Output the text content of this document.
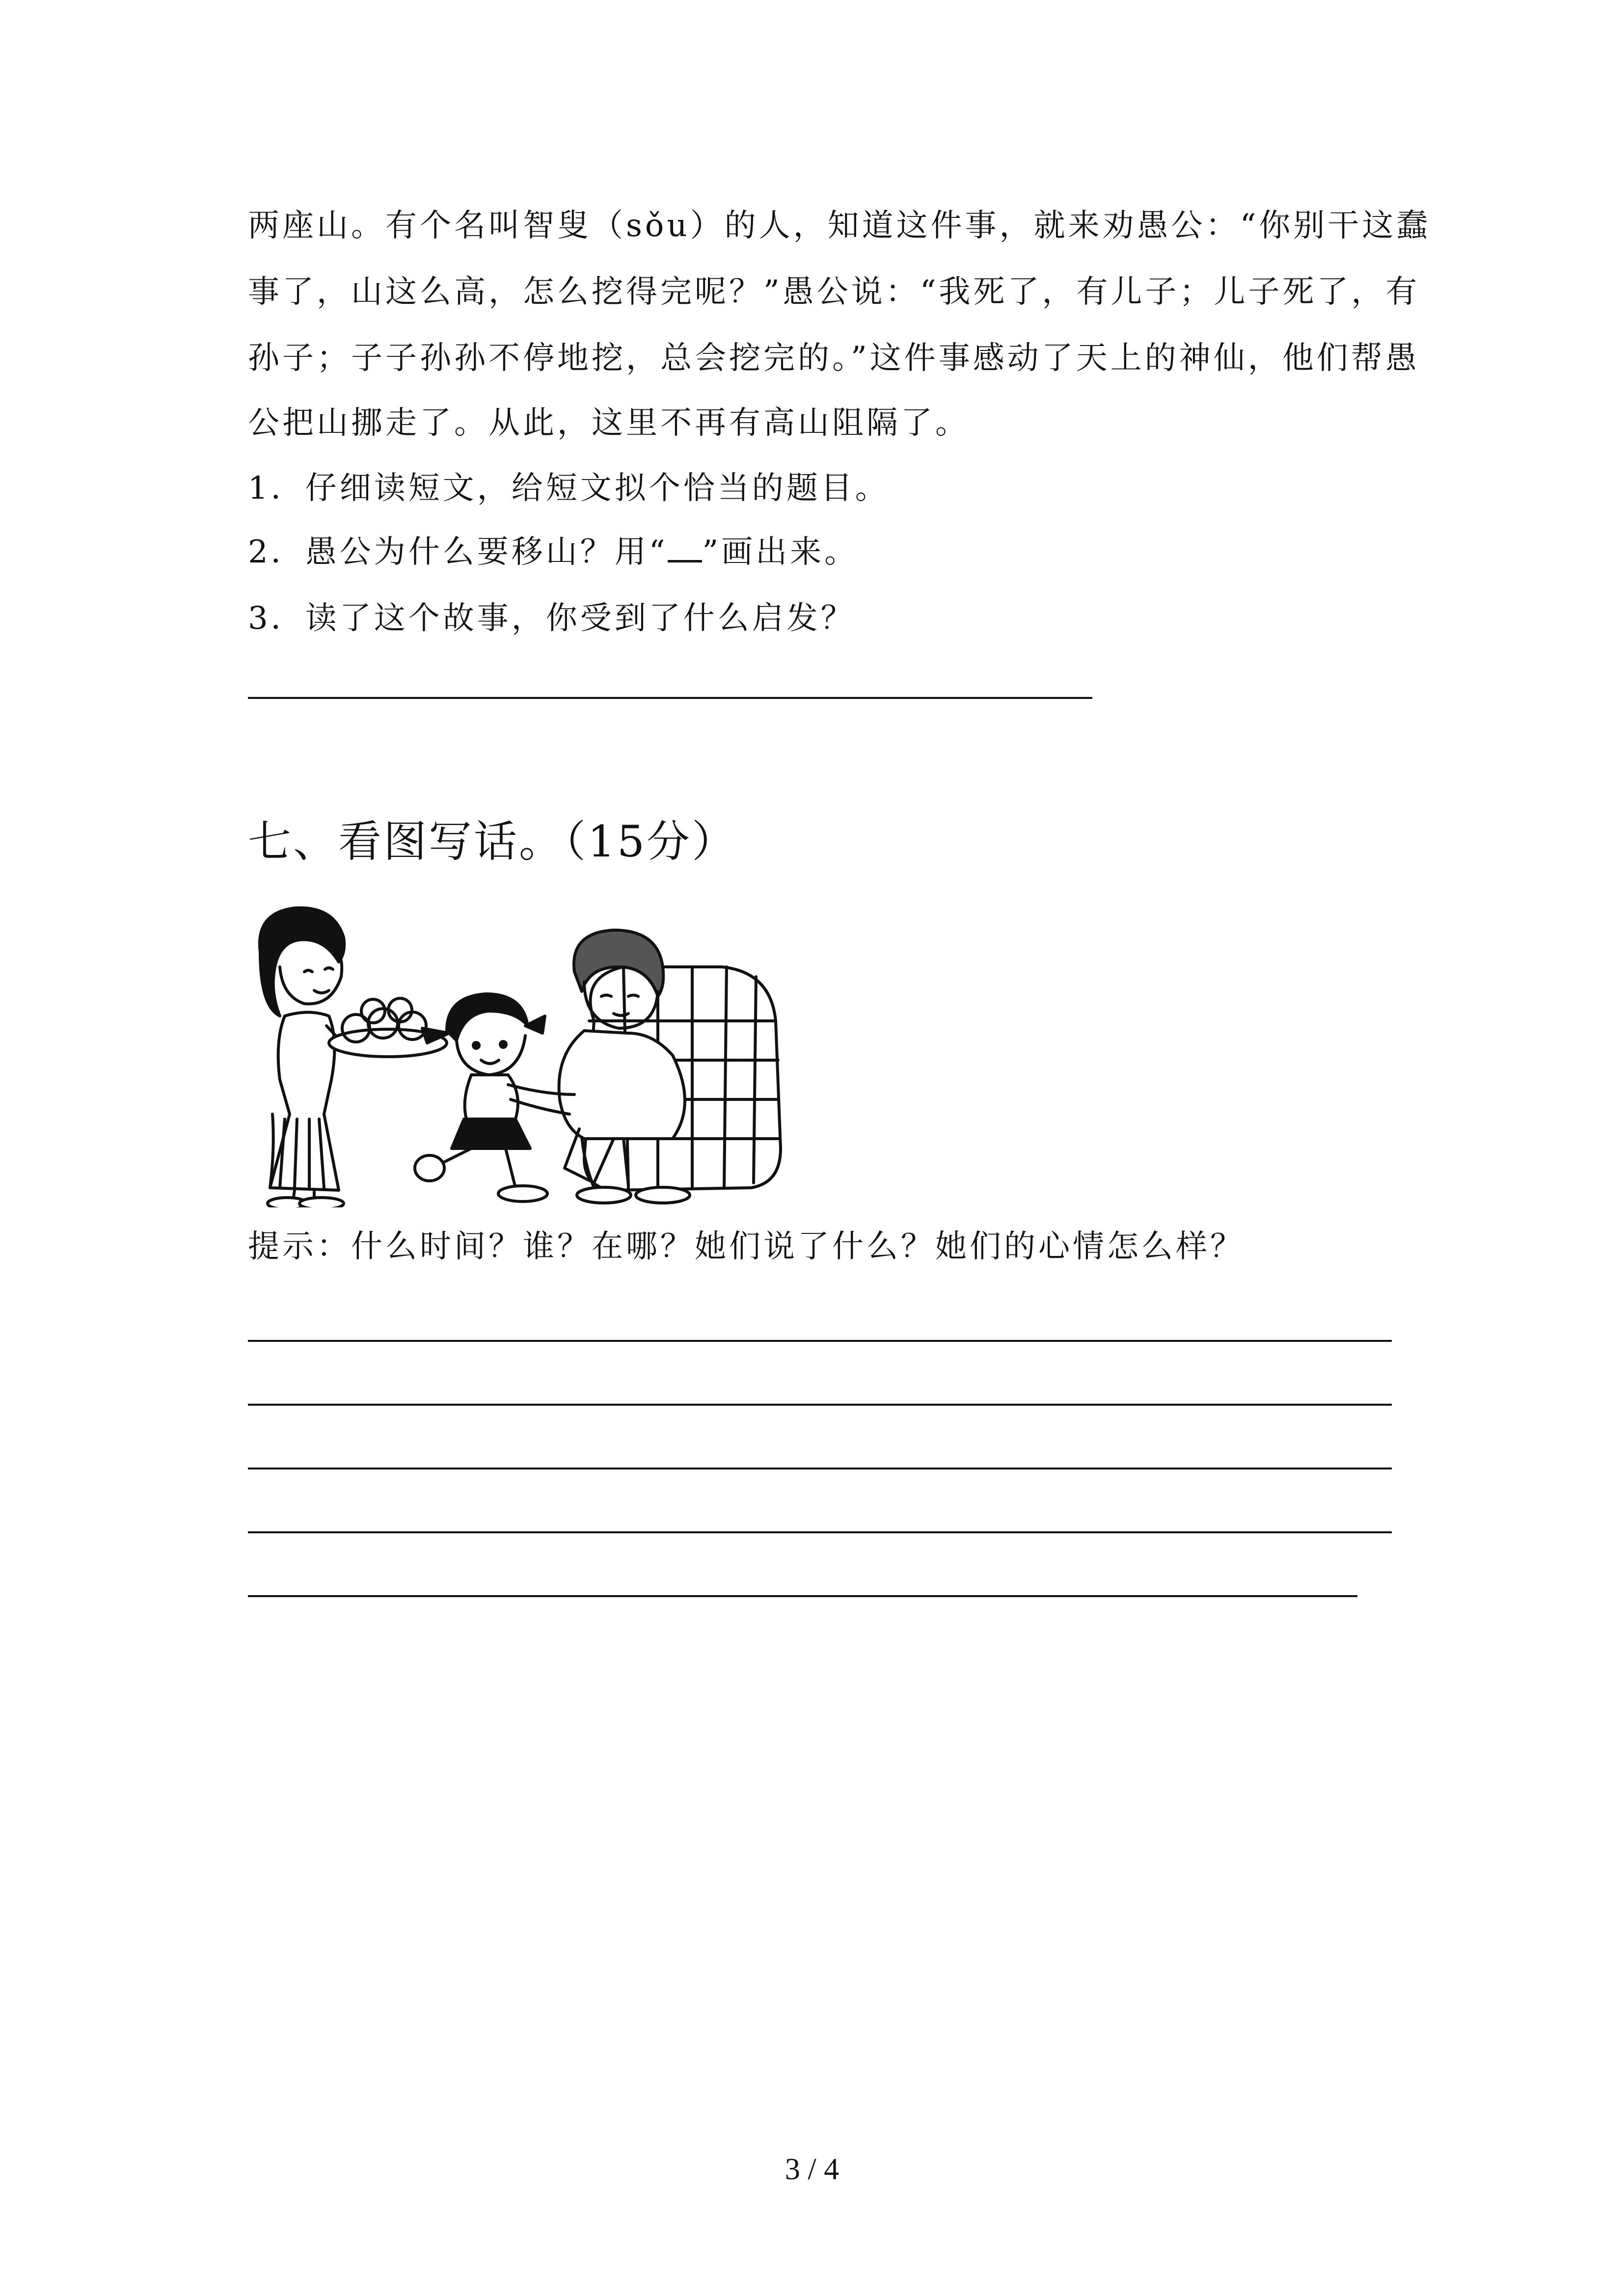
两座山。有个名叫智叟（sǒu）的人，知道这件事，就来劝愚公：“你别干这蠢
事了，山这么高，怎么挖得完呢？”愚公说：“我死了，有儿子；儿子死了，有
孙子；子子孙孙不停地挖，总会挖完的。”这件事感动了天上的神仙，他们帮愚
公把山挪走了。从此，这里不再有高山阻隔了。
1．仔细读短文，给短文拟个恰当的题目。
2．愚公为什么要移山？用“ ”画出来。
3．读了这个故事，你受到了什么启发？
七、看图写话。（15分）
提示：什么时间？谁？在哪？她们说了什么？她们的心情怎么样？
3 / 4
